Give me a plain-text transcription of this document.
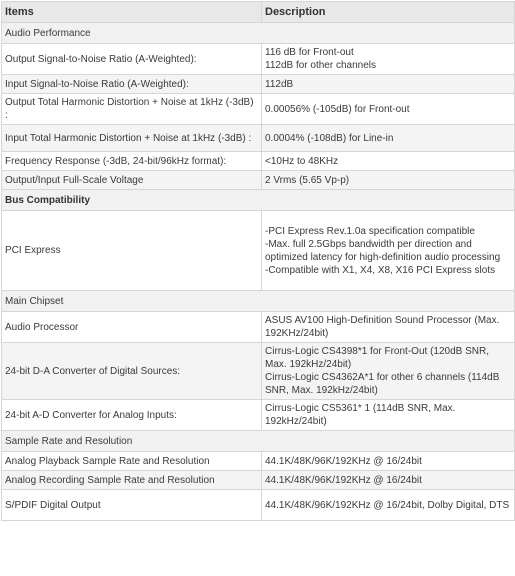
Items	Description
Audio Performance	
Output Signal-to-Noise Ratio (A-Weighted):	116 dB for Front-out
112dB for other channels

Input Signal-to-Noise Ratio (A-Weighted):	112dB

Output Total Harmonic Distortion + Noise at 1kHz (-3dB) :	0.00056% (-105dB) for Front-out

Input Total Harmonic Distortion + Noise at 1kHz (-3dB) :	0.0004% (-108dB) for Line-in

Frequency Response (-3dB, 24-bit/96kHz format):	<10Hz to 48KHz

Output/Input Full-Scale Voltage	2 Vrms (5.65 Vp-p)

Bus Compatibility	
PCI Express	-PCI Express Rev.1.0a specification compatible
-Max. full 2.5Gbps bandwidth per direction and optimized latency for high-definition audio processing
-Compatible with X1, X4, X8, X16 PCI Express slots

Main Chipset	
Audio Processor	ASUS AV100 High-Definition Sound Processor (Max. 192KHz/24bit)

24-bit D-A Converter of Digital Sources:	Cirrus-Logic CS4398*1 for Front-Out (120dB SNR, Max. 192kHz/24bit)
Cirrus-Logic CS4362A*1 for other 6 channels (114dB SNR, Max. 192kHz/24bit)

24-bit A-D Converter for Analog Inputs:	Cirrus-Logic CS5361* 1 (114dB SNR, Max. 192kHz/24bit)

Sample Rate and Resolution	
Analog Playback Sample Rate and Resolution	44.1K/48K/96K/192KHz @ 16/24bit

Analog Recording Sample Rate and Resolution	44.1K/48K/96K/192KHz @ 16/24bit

S/PDIF Digital Output	44.1K/48K/96K/192KHz @ 16/24bit, Dolby Digital, DTS
